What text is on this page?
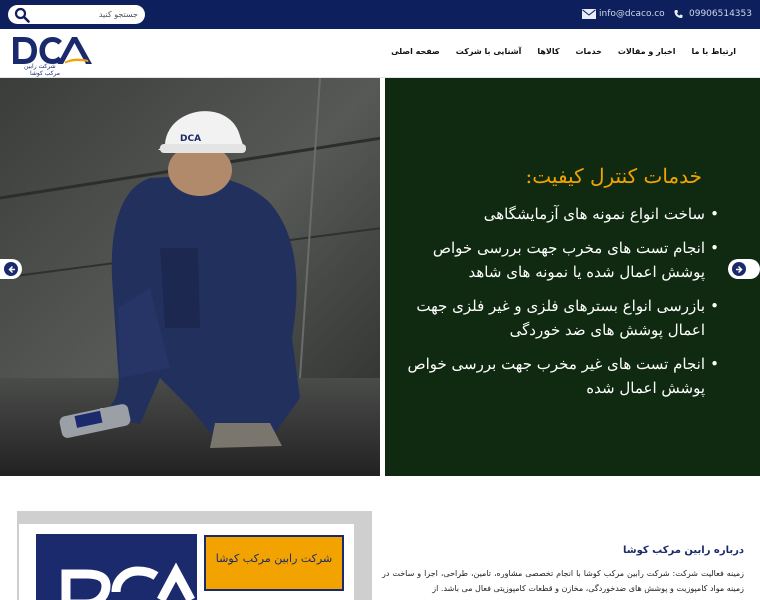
جستجو کنید
info@dcaco.co	09906514353
شرکت رابین
مرکب کوشا
صفحه اصلی	آشنایی با شرکت	کالاها	خدمات	اخبار و مقالات	ارتباط با ما
DCA
خدمات کنترل کیفیت:
ساخت انواع نمونه های آزمایشگاهی •
انجام تست های مخرب جهت بررسی خواص پوشش اعمال شده یا نمونه های شاهد •
بازرسی انواع بسترهای فلزی و غیر فلزی جهت اعمال پوشش های ضد خوردگی •
انجام تست های غیر مخرب جهت بررسی خواص پوشش اعمال شده •
شرکت رابین مرکب کوشا
درباره رابین مرکب کوشا
زمینه فعالیت شرکت: شرکت رابین مرکب کوشا با انجام تخصصی مشاوره، تامین، طراحی، اجرا و ساخت در زمینه مواد کامپوزیت و پوشش های ضدخوردگی، مخازن و قطعات کامپوزیتی فعال می باشد. از
